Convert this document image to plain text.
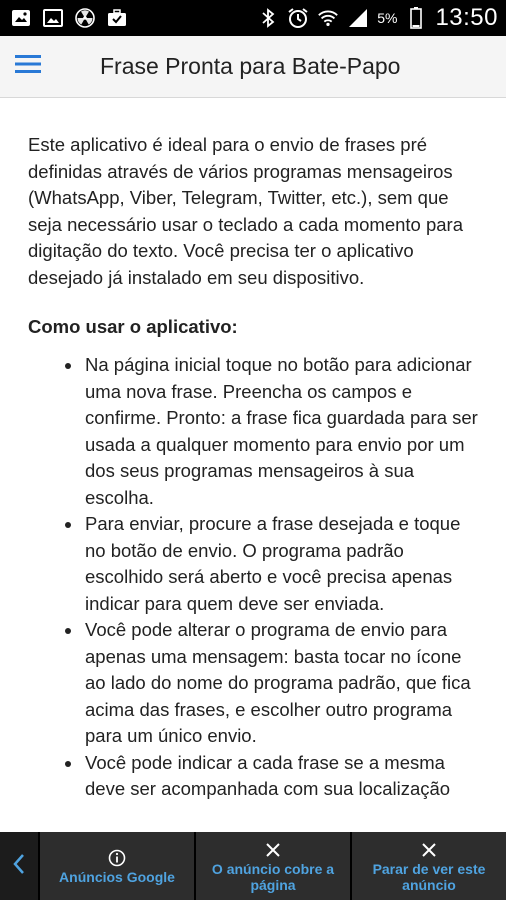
5% 13:50
Frase Pronta para Bate-Papo

Este aplicativo é ideal para o envio de frases pré definidas através de vários programas mensageiros (WhatsApp, Viber, Telegram, Twitter, etc.), sem que seja necessário usar o teclado a cada momento para digitação do texto. Você precisa ter o aplicativo desejado já instalado em seu dispositivo.

Como usar o aplicativo:

Na página inicial toque no botão para adicionar uma nova frase. Preencha os campos e confirme. Pronto: a frase fica guardada para ser usada a qualquer momento para envio por um dos seus programas mensageiros à sua escolha.
Para enviar, procure a frase desejada e toque no botão de envio. O programa padrão escolhido será aberto e você precisa apenas indicar para quem deve ser enviada.
Você pode alterar o programa de envio para apenas uma mensagem: basta tocar no ícone ao lado do nome do programa padrão, que fica acima das frases, e escolher outro programa para um único envio.
Você pode indicar a cada frase se a mesma deve ser acompanhada com sua localização
Anúncios Google	O anúncio cobre a página
Parar de ver este anúncio
